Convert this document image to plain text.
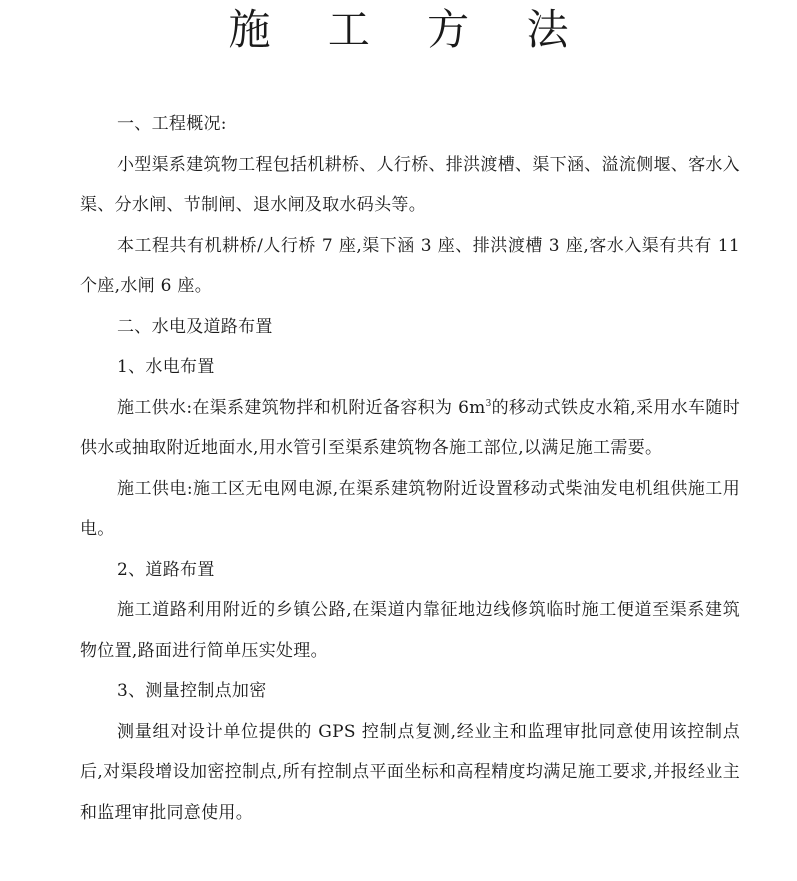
施 工 方 法

一、工程概况:

小型渠系建筑物工程包括机耕桥、人行桥、排洪渡槽、渠下涵、溢流侧堰、客水入渠、分水闸、节制闸、退水闸及取水码头等。

本工程共有机耕桥/人行桥 7 座,渠下涵 3 座、排洪渡槽 3 座,客水入渠有共有 11 个座,水闸 6 座。

二、水电及道路布置

1、水电布置

施工供水:在渠系建筑物拌和机附近备容积为 $6m^3$的移动式铁皮水箱,采用水车随时供水或抽取附近地面水,用水管引至渠系建筑物各施工部位,以满足施工需要。

施工供电:施工区无电网电源,在渠系建筑物附近设置移动式柴油发电机组供施工用电。

2、道路布置

施工道路利用附近的乡镇公路,在渠道内靠征地边线修筑临时施工便道至渠系建筑物位置,路面进行简单压实处理。

3、测量控制点加密

测量组对设计单位提供的 GPS 控制点复测,经业主和监理审批同意使用该控制点后,对渠段增设加密控制点,所有控制点平面坐标和高程精度均满足施工要求,并报经业主和监理审批同意使用。
